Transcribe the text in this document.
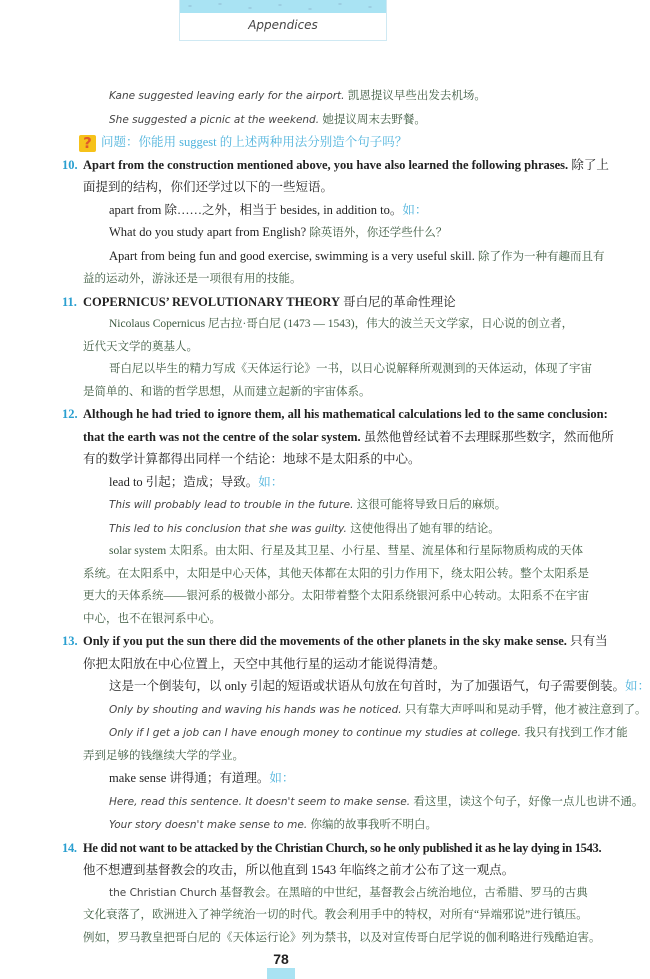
Appendices
Kane suggested leaving early for the airport. 凯恩提议早些出发去机场。
She suggested a picnic at the weekend. 她提议周末去野餐。
? 问题：你能用 suggest 的上述两种用法分别造个句子吗？
10. Apart from the construction mentioned above, you have also learned the following phrases. 除了上
面提到的结构，你们还学过以下的一些短语。
apart from 除……之外，相当于 besides, in addition to。如：
What do you study apart from English? 除英语外，你还学些什么？
Apart from being fun and good exercise, swimming is a very useful skill. 除了作为一种有趣而且有
益的运动外，游泳还是一项很有用的技能。
11. COPERNICUS’ REVOLUTIONARY THEORY 哥白尼的革命性理论
Nicolaus Copernicus 尼古拉·哥白尼 (1473 — 1543)，伟大的波兰天文学家，日心说的创立者，
近代天文学的奠基人。
哥白尼以毕生的精力写成《天体运行论》一书，以日心说解释所观测到的天体运动，体现了宇宙
是简单的、和谐的哲学思想，从而建立起新的宇宙体系。
12. Although he had tried to ignore them, all his mathematical calculations led to the same conclusion:
that the earth was not the centre of the solar system. 虽然他曾经试着不去理睬那些数字，然而他所
有的数学计算都得出同样一个结论：地球不是太阳系的中心。
lead to 引起；造成；导致。如：
This will probably lead to trouble in the future. 这很可能将导致日后的麻烦。
This led to his conclusion that she was guilty. 这使他得出了她有罪的结论。
solar system 太阳系。由太阳、行星及其卫星、小行星、彗星、流星体和行星际物质构成的天体
系统。在太阳系中，太阳是中心天体，其他天体都在太阳的引力作用下，绕太阳公转。整个太阳系是
更大的天体系统——银河系的极微小部分。太阳带着整个太阳系绕银河系中心转动。太阳系不在宇宙
中心，也不在银河系中心。
13. Only if you put the sun there did the movements of the other planets in the sky make sense. 只有当
你把太阳放在中心位置上，天空中其他行星的运动才能说得清楚。
这是一个倒装句，以 only 引起的短语或状语从句放在句首时，为了加强语气，句子需要倒装。如：
Only by shouting and waving his hands was he noticed. 只有靠大声呼叫和晃动手臂，他才被注意到了。
Only if I get a job can I have enough money to continue my studies at college. 我只有找到工作才能
弄到足够的钱继续大学的学业。
make sense 讲得通；有道理。如：
Here, read this sentence. It doesn't seem to make sense. 看这里，读这个句子，好像一点儿也讲不通。
Your story doesn't make sense to me. 你编的故事我听不明白。
14. He did not want to be attacked by the Christian Church, so he only published it as he lay dying in 1543.
他不想遭到基督教会的攻击，所以他直到 1543 年临终之前才公布了这一观点。
the Christian Church 基督教会。在黑暗的中世纪，基督教会占统治地位，古希腊、罗马的古典
文化衰落了，欧洲进入了神学统治一切的时代。教会利用手中的特权，对所有“异端邪说”进行镇压。
例如，罗马教皇把哥白尼的《天体运行论》列为禁书，以及对宣传哥白尼学说的伽利略进行残酷迫害。
78
